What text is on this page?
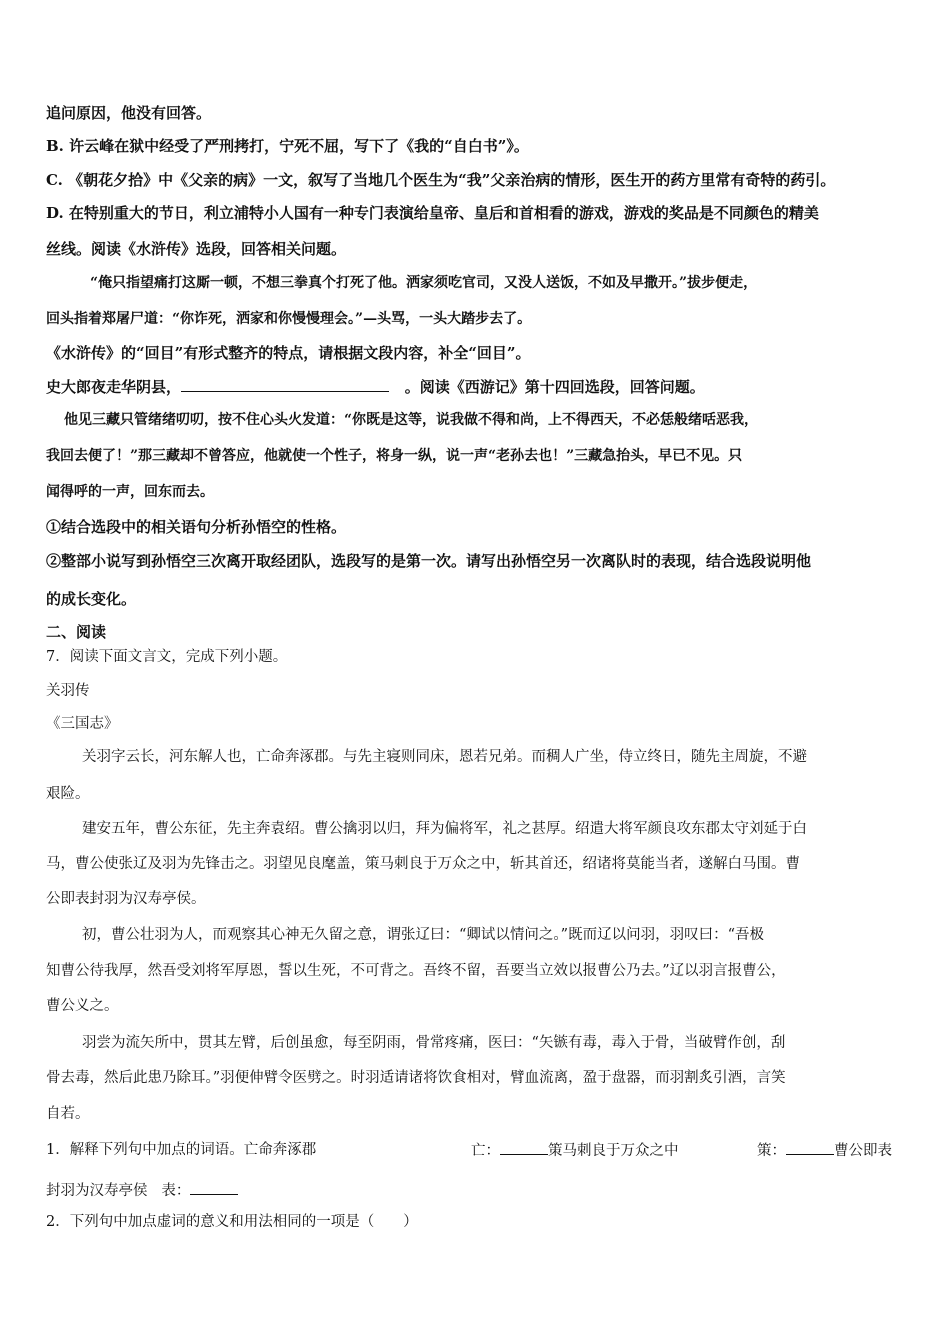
追问原因，他没有回答。
B. 许云峰在狱中经受了严刑拷打，宁死不屈，写下了《我的“自白书”》。
C. 《朝花夕拾》中《父亲的病》一文，叙写了当地几个医生为“我”父亲治病的情形，医生开的药方里常有奇特的药引。
D. 在特别重大的节日，利立浦特小人国有一种专门表演给皇帝、皇后和首相看的游戏，游戏的奖品是不同颜色的精美
丝线。阅读《水浒传》选段，回答相关问题。
“俺只指望痛打这厮一顿，不想三拳真个打死了他。洒家须吃官司，又没人送饭，不如及早撒开。”拔步便走，
回头指着郑屠尸道：“你诈死，洒家和你慢慢理会。”—头骂，一头大踏步去了。
《水浒传》的“回目”有形式整齐的特点，请根据文段内容，补全“回目”。
史大郎夜走华阴县，	。阅读《西游记》第十四回选段，回答问题。
他见三藏只管绪绪叨叨，按不住心头火发道：“你既是这等，说我做不得和尚，上不得西天，不必恁般绪咶恶我，
我回去便了！”那三藏却不曾答应，他就使一个性子，将身一纵，说一声“老孙去也！”三藏急抬头，早已不见。只
闻得呼的一声，回东而去。
①结合选段中的相关语句分析孙悟空的性格。
②整部小说写到孙悟空三次离开取经团队，选段写的是第一次。请写出孙悟空另一次离队时的表现，结合选段说明他
的成长变化。
二、阅读
7．阅读下面文言文，完成下列小题。
关羽传
《三国志》
关羽字云长，河东解人也，亡命奔涿郡。与先主寝则同床，恩若兄弟。而稠人广坐，侍立终日，随先主周旋，不避
艰险。
建安五年，曹公东征，先主奔袁绍。曹公擒羽以归，拜为偏将军，礼之甚厚。绍遣大将军颜良攻东郡太守刘延于白
马，曹公使张辽及羽为先锋击之。羽望见良麾盖，策马刺良于万众之中，斩其首还，绍诸将莫能当者，遂解白马围。曹
公即表封羽为汉寿亭侯。
初，曹公壮羽为人，而观察其心神无久留之意，谓张辽曰：“卿试以情问之。”既而辽以问羽，羽叹曰：“吾极
知曹公待我厚，然吾受刘将军厚恩，誓以生死，不可背之。吾终不留，吾要当立效以报曹公乃去。”辽以羽言报曹公，
曹公义之。
羽尝为流矢所中，贯其左臂，后创虽愈，每至阴雨，骨常疼痛，医曰：“矢镞有毒，毒入于骨，当破臂作创，刮
骨去毒，然后此患乃除耳。”羽便伸臂令医劈之。时羽适请诸将饮食相对，臂血流离，盈于盘器，而羽割炙引酒，言笑
自若。
1．解释下列句中加点的词语。亡命奔涿郡	亡：	策马刺良于万众之中	策：	曹公即表
封羽为汉寿亭侯 表：
2．下列句中加点虚词的意义和用法相同的一项是（　　）
